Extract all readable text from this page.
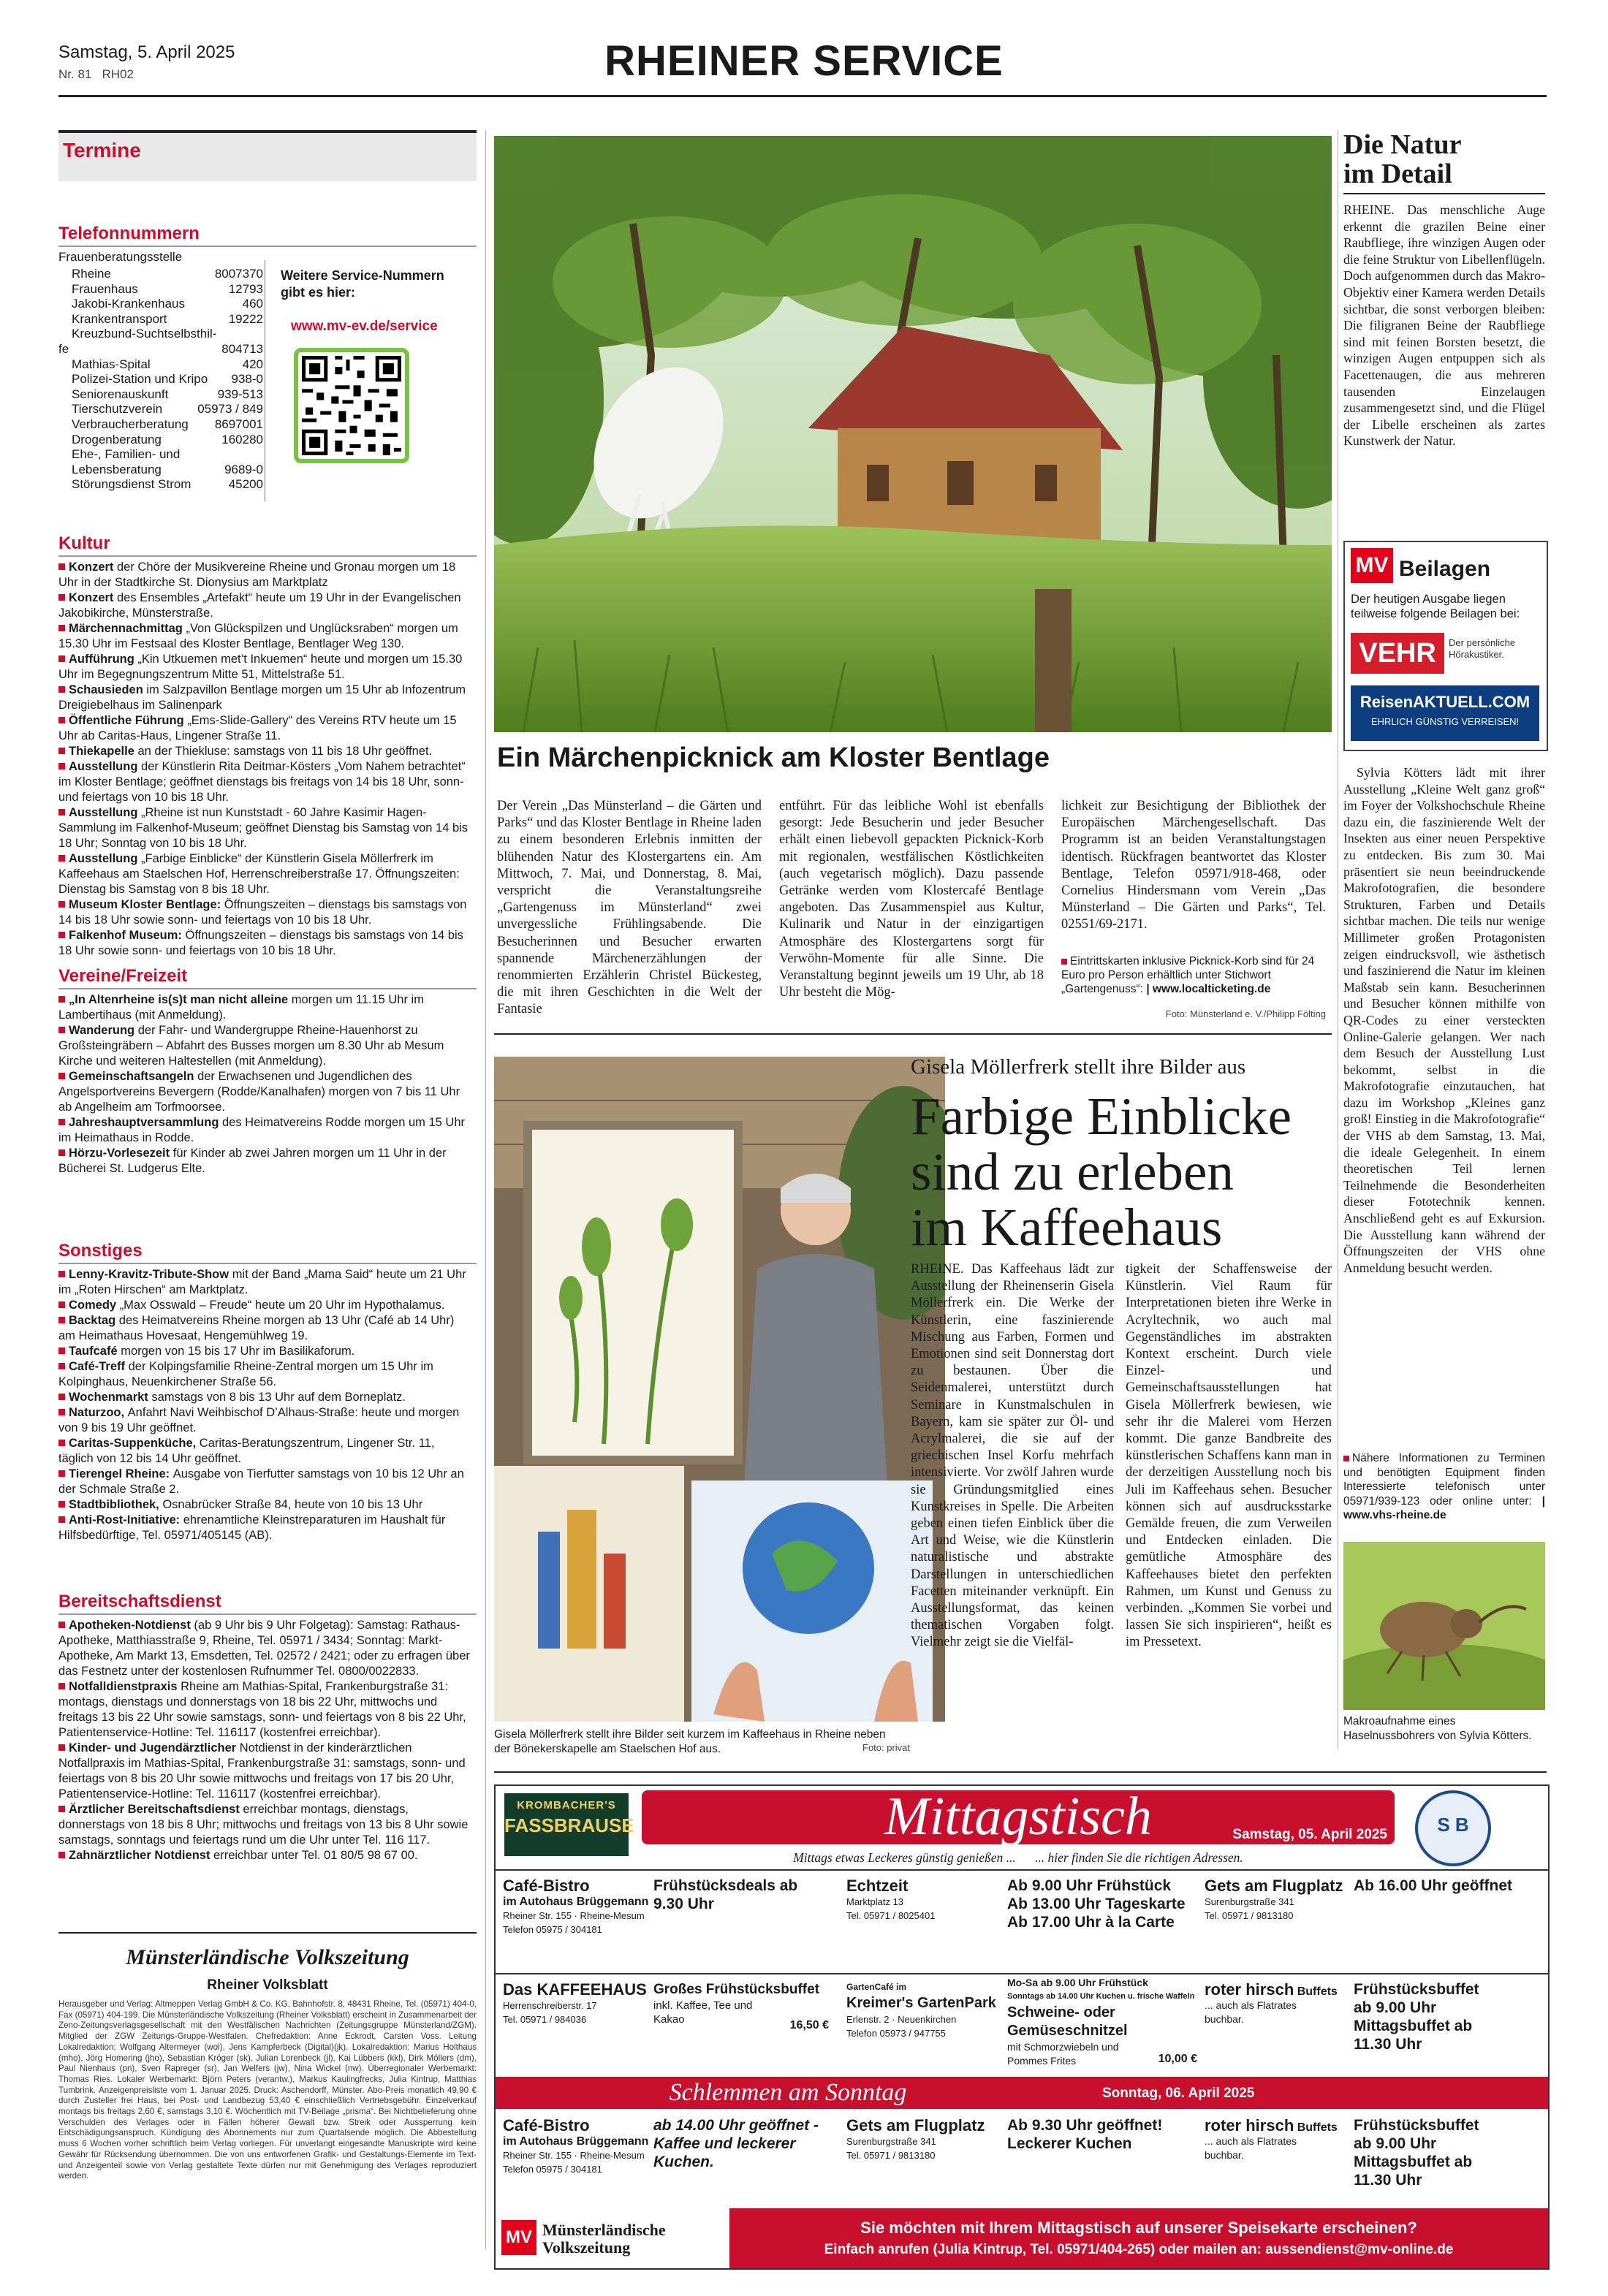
Samstag, 5. April 2025
Nr. 81 RH02	RHEINER SERVICE
Termine
Telefonnummern
Frauenberatungsstelle
Rheine	8007370
Frauenhaus	12793
Jakobi-Krankenhaus	460
Krankentransport	19222
Kreuzbund-Suchtselbsthil-
fe	804713
Mathias-Spital	420
Polizei-Station und Kripo 938-0
Seniorenauskunft	939-513
Tierschutzverein	05973 / 849
Verbraucherberatung 8697001
Drogenberatung	160280
Ehe-, Familien- und
Lebensberatung	9689-0
Störungsdienst Strom	45200
Weitere Service-Nummern gibt es hier:
www.mv-ev.de/service
Kultur
Konzert der Chöre der Musikvereine Rheine und Gronau morgen um 18 Uhr in der Stadtkirche St. Dionysius am Marktplatz
Konzert des Ensembles „Artefakt“ heute um 19 Uhr in der Evangelischen Jakobikirche, Münsterstraße.
Märchennachmittag „Von Glückspilzen und Unglücksraben“ morgen um 15.30 Uhr im Festsaal des Kloster Bentlage, Bentlager Weg 130.
Aufführung „Kin Utkuemen met’t Inkuemen“ heute und morgen um 15.30 Uhr im Begegnungszentrum Mitte 51, Mittelstraße 51.
Schausieden im Salzpavillon Bentlage morgen um 15 Uhr ab Infozentrum Dreigiebelhaus im Salinenpark
Öffentliche Führung „Ems-Slide-Gallery“ des Vereins RTV heute um 15 Uhr ab Caritas-Haus, Lingener Straße 11.
Thiekapelle an der Thiekluse: samstags von 11 bis 18 Uhr geöffnet.
Ausstellung der Künstlerin Rita Deitmar-Kösters „Vom Nahem betrachtet“ im Kloster Bentlage; geöffnet dienstags bis freitags von 14 bis 18 Uhr, sonn- und feiertags von 10 bis 18 Uhr.
Ausstellung „Rheine ist nun Kunststadt - 60 Jahre Kasimir Hagen-Sammlung im Falkenhof-Museum; geöffnet Dienstag bis Samstag von 14 bis 18 Uhr; Sonntag von 10 bis 18 Uhr.
Ausstellung „Farbige Einblicke“ der Künstlerin Gisela Möllerfrerk im Kaffeehaus am Staelschen Hof, Herrenschreiberstraße 17. Öffnungszeiten: Dienstag bis Samstag von 8 bis 18 Uhr.
Museum Kloster Bentlage: Öffnungszeiten – dienstags bis samstags von 14 bis 18 Uhr sowie sonn- und feiertags von 10 bis 18 Uhr.
Falkenhof Museum: Öffnungszeiten – dienstags bis samstags von 14 bis 18 Uhr sowie sonn- und feiertags von 10 bis 18 Uhr.
Vereine/Freizeit
„In Altenrheine is(s)t man nicht alleine morgen um 11.15 Uhr im Lambertihaus (mit Anmeldung).
Wanderung der Fahr- und Wandergruppe Rheine-Hauenhorst zu Großsteingräbern – Abfahrt des Busses morgen um 8.30 Uhr ab Mesum Kirche und weiteren Haltestellen (mit Anmeldung).
Gemeinschaftsangeln der Erwachsenen und Jugendlichen des Angelsportvereins Bevergern (Rodde/Kanalhafen) morgen von 7 bis 11 Uhr ab Angelheim am Torfmoorsee.
Jahreshauptversammlung des Heimatvereins Rodde morgen um 15 Uhr im Heimathaus in Rodde.
Hörzu-Vorlesezeit für Kinder ab zwei Jahren morgen um 11 Uhr in der Bücherei St. Ludgerus Elte.
Sonstiges
Lenny-Kravitz-Tribute-Show mit der Band „Mama Said“ heute um 21 Uhr im „Roten Hirschen“ am Marktplatz.
Comedy „Max Osswald – Freude“ heute um 20 Uhr im Hypothalamus.
Backtag des Heimatvereins Rheine morgen ab 13 Uhr (Café ab 14 Uhr) am Heimathaus Hovesaat, Hengemühlweg 19.
Taufcafé morgen von 15 bis 17 Uhr im Basilikaforum.
Café-Treff der Kolpingsfamilie Rheine-Zentral morgen um 15 Uhr im Kolpinghaus, Neuenkirchener Straße 56.
Wochenmarkt samstags von 8 bis 13 Uhr auf dem Borneplatz.
Naturzoo, Anfahrt Navi Weihbischof D’Alhaus-Straße: heute und morgen von 9 bis 19 Uhr geöffnet.
Caritas-Suppenküche, Caritas-Beratungszentrum, Lingener Str. 11, täglich von 12 bis 14 Uhr geöffnet.
Tierengel Rheine: Ausgabe von Tierfutter samstags von 10 bis 12 Uhr an der Schmale Straße 2.
Stadtbibliothek, Osnabrücker Straße 84, heute von 10 bis 13 Uhr
Anti-Rost-Initiative: ehrenamtliche Kleinstreparaturen im Haushalt für Hilfsbedürftige, Tel. 05971/405145 (AB).
Bereitschaftsdienst
Apotheken-Notdienst (ab 9 Uhr bis 9 Uhr Folgetag): Samstag: Rathaus-Apotheke, Matthiasstraße 9, Rheine, Tel. 05971 / 3434; Sonntag: Markt-Apotheke, Am Markt 13, Emsdetten, Tel. 02572 / 2421; oder zu erfragen über das Festnetz unter der kostenlosen Rufnummer Tel. 0800/0022833.
Notfalldienstpraxis Rheine am Mathias-Spital, Frankenburgstraße 31: montags, dienstags und donnerstags von 18 bis 22 Uhr, mittwochs und freitags 13 bis 22 Uhr sowie samstags, sonn- und feiertags von 8 bis 22 Uhr, Patientenservice-Hotline: Tel. 116117 (kostenfrei erreichbar).
Kinder- und Jugendärztlicher Notdienst in der kinderärztlichen Notfallpraxis im Mathias-Spital, Frankenburgstraße 31: samstags, sonn- und feiertags von 8 bis 20 Uhr sowie mittwochs und freitags von 17 bis 20 Uhr, Patientenservice-Hotline: Tel. 116117 (kostenfrei erreichbar).
Ärztlicher Bereitschaftsdienst erreichbar montags, dienstags, donnerstags von 18 bis 8 Uhr; mittwochs und freitags von 13 bis 8 Uhr sowie samstags, sonntags und feiertags rund um die Uhr unter Tel. 116 117.
Zahnärztlicher Notdienst erreichbar unter Tel. 01 80/5 98 67 00.
Münsterländische Volkszeitung
Rheiner Volksblatt
Herausgeber und Verlag: Altmeppen Verlag GmbH & Co. KG, Bahnhofstr. 8, 48431 Rheine, Tel. (05971) 404-0, Fax (05971) 404-199. Die Münsterländische Volkszeitung (Rheiner Volksblatt) erscheint in Zusammenarbeit der Zeno-Zeitungsverlagsgesellschaft mit den Westfälischen Nachrichten (Zeitungsgruppe Münsterland/ZGM). Mitglied der ZGW Zeitungs-Gruppe-Westfalen. Chefredaktion: Anne Eckrodt, Carsten Voss. Leitung Lokalredaktion: Wolfgang Altermeyer (wol), Jens Kampferbeck (Digital)(jk). Lokalredaktion: Marius Holthaus (mho), Jörg Homering (jho), Sebastian Kröger (sk), Julian Lorenbeck (jl), Kai Lübbers (kkl), Dirk Möllers (dm), Paul Nienhaus (pn), Sven Rapreger (sr), Jan Welfers (jw), Nina Wickel (nw). Überregionaler Werbemarkt: Thomas Ries. Lokaler Werbemarkt: Björn Peters (verantw.), Markus Kaulingfrecks, Julia Kintrup, Matthias Tumbrink. Anzeigenpreisliste vom 1. Januar 2025. Druck: Aschendorff, Münster. Abo-Preis monatlich 49,90 € durch Zusteller frei Haus, bei Post- und Landbezug 53,40 € einschließlich Vertriebsgebühr. Einzelverkauf montags bis freitags 2,60 €, samstags 3,10 €. Wöchentlich mit TV-Beilage „prisma“. Bei Nichtbelieferung ohne Verschulden des Verlages oder in Fällen höherer Gewalt bzw. Streik oder Aussperrung kein Entschädigungsanspruch. Kündigung des Abonnements nur zum Quartalsende möglich. Die Abbestellung muss 6 Wochen vorher schriftlich beim Verlag vorliegen. Für unverlangt eingesandte Manuskripte wird keine Gewähr für Rücksendung übernommen. Die von uns entworfenen Grafik- und Gestaltungs-Elemente im Text- und Anzeigenteil sowie von Verlag gestaltete Texte dürfen nur mit Genehmigung des Verlages reproduziert werden.
Ein Märchenpicknick am Kloster Bentlage
Der Verein „Das Münsterland – die Gärten und Parks“ und das Kloster Bentlage in Rheine laden zu einem besonderen Erlebnis inmitten der blühenden Natur des Klostergartens ein. Am Mittwoch, 7. Mai, und Donnerstag, 8. Mai, verspricht die Veranstaltungsreihe „Gartengenuss im Münsterland“ zwei unvergessliche Frühlingsabende. Die Besucherinnen und Besucher erwarten spannende Märchenerzählungen der renommierten Erzählerin Christel Bückesteg, die mit ihren Geschichten in die Welt der Fantasie
entführt. Für das leibliche Wohl ist ebenfalls gesorgt: Jede Besucherin und jeder Besucher erhält einen liebevoll gepackten Picknick-Korb mit regionalen, westfälischen Köstlichkeiten (auch vegetarisch möglich). Dazu passende Getränke werden vom Klostercafé Bentlage angeboten. Das Zusammenspiel aus Kultur, Kulinarik und Natur in der einzigartigen Atmosphäre des Klostergartens sorgt für Verwöhn-Momente für alle Sinne. Die Veranstaltung beginnt jeweils um 19 Uhr, ab 18 Uhr besteht die Mög-
lichkeit zur Besichtigung der Bibliothek der Europäischen Märchengesellschaft. Das Programm ist an beiden Veranstaltungstagen identisch. Rückfragen beantwortet das Kloster Bentlage, Telefon 05971/918-468, oder Cornelius Hindersmann vom Verein „Das Münsterland – Die Gärten und Parks“, Tel. 02551/69-2171.
Eintrittskarten inklusive Picknick-Korb sind für 24 Euro pro Person erhältlich unter Stichwort „Gartengenuss“: | www.localticketing.de
Foto: Münsterland e. V./Philipp Fölting
Gisela Möllerfrerk stellt ihre Bilder seit kurzem im Kaffeehaus in Rheine neben der Bönekerskapelle am Staelschen Hof aus.	Foto: privat
Gisela Möllerfrerk stellt ihre Bilder aus
Farbige Einblicke
sind zu erleben
im Kaffeehaus
RHEINE. Das Kaffeehaus lädt zur Ausstellung der Rheinenserin Gisela Möllerfrerk ein. Die Werke der Künstlerin, eine faszinierende Mischung aus Farben, Formen und Emotionen sind seit Donnerstag dort zu bestaunen. Über die Seidenmalerei, unterstützt durch Seminare in Kunstmalschulen in Bayern, kam sie später zur Öl- und Acrylmalerei, die sie auf der griechischen Insel Korfu mehrfach intensivierte. Vor zwölf Jahren wurde sie Gründungsmitglied eines Kunstkreises in Spelle. Die Arbeiten geben einen tiefen Einblick über die Art und Weise, wie die Künstlerin naturalistische und abstrakte Darstellungen in unterschiedlichen Facetten miteinander verknüpft. Ein Ausstellungsformat, das keinen thematischen Vorgaben folgt. Vielmehr zeigt sie die Vielfäl-
tigkeit der Schaffensweise der Künstlerin. Viel Raum für Interpretationen bieten ihre Werke in Acryltechnik, wo auch mal Gegenständliches im abstrakten Kontext erscheint. Durch viele Einzel- und Gemeinschaftsausstellungen hat Gisela Möllerfrerk bewiesen, wie sehr ihr die Malerei vom Herzen kommt. Die ganze Bandbreite des künstlerischen Schaffens kann man in der derzeitigen Ausstellung noch bis Juli im Kaffeehaus sehen. Besucher können sich auf ausdrucksstarke Gemälde freuen, die zum Verweilen und Entdecken einladen. Die gemütliche Atmosphäre des Kaffeehauses bietet den perfekten Rahmen, um Kunst und Genuss zu verbinden. „Kommen Sie vorbei und lassen Sie sich inspirieren“, heißt es im Pressetext.
Die Natur
im Detail
RHEINE. Das menschliche Auge erkennt die grazilen Beine einer Raubfliege, ihre winzigen Augen oder die feine Struktur von Libellenflügeln. Doch aufgenommen durch das Makro-Objektiv einer Kamera werden Details sichtbar, die sonst verborgen bleiben: Die filigranen Beine der Raubfliege sind mit feinen Borsten besetzt, die winzigen Augen entpuppen sich als Facettenaugen, die aus mehreren tausenden Einzelaugen zusammengesetzt sind, und die Flügel der Libelle erscheinen als zartes Kunstwerk der Natur.
MV Beilagen
Der heutigen Ausgabe liegen teilweise folgende Beilagen bei:
VEHR	Der persönliche Hörakustiker.
ReisenAKTUELL.COM
EHRLICH GÜNSTIG VERREISEN!
Sylvia Kötters lädt mit ihrer Ausstellung „Kleine Welt ganz groß“ im Foyer der Volkshochschule Rheine dazu ein, die faszinierende Welt der Insekten aus einer neuen Perspektive zu entdecken. Bis zum 30. Mai präsentiert sie neun beeindruckende Makrofotografien, die besondere Strukturen, Farben und Details sichtbar machen. Die teils nur wenige Millimeter großen Protagonisten zeigen eindrucksvoll, wie ästhetisch und faszinierend die Natur im kleinen Maßstab sein kann. Besucherinnen und Besucher können mithilfe von QR-Codes zu einer versteckten Online-Galerie gelangen. Wer nach dem Besuch der Ausstellung Lust bekommt, selbst in die Makrofotografie einzutauchen, hat dazu im Workshop „Kleines ganz groß! Einstieg in die Makrofotografie“ der VHS ab dem Samstag, 13. Mai, die ideale Gelegenheit. In einem theoretischen Teil lernen Teilnehmende die Besonderheiten dieser Fototechnik kennen. Anschließend geht es auf Exkursion. Die Ausstellung kann während der Öffnungszeiten der VHS ohne Anmeldung besucht werden.
Nähere Informationen zu Terminen und benötigten Equipment finden Interessierte telefonisch unter 05971/939-123 oder online unter: | www.vhs-rheine.de
Makroaufnahme eines Haselnussbohrers von Sylvia Kötters.
KROMBACHER'S
FASSBRAUSE	Mittagstisch	Samstag, 05. April 2025	S B
Mittags etwas Leckeres günstig genießen ... ... hier finden Sie die richtigen Adressen.
Café-Bistro
im Autohaus Brüggemann
Rheiner Str. 155 · Rheine-Mesum
Telefon 05975 / 304181
Frühstücksdeals ab 9.30 Uhr
Echtzeit
Marktplatz 13
Tel. 05971 / 8025401
Ab 9.00 Uhr Frühstück Ab 13.00 Uhr Tageskarte Ab 17.00 Uhr à la Carte
Gets am Flugplatz
Surenburgstraße 341
Tel. 05971 / 9813180
Ab 16.00 Uhr geöffnet
Das KAFFEEHAUS
Herrenschreiberstr. 17
Tel. 05971 / 984036
Großes Frühstücksbuffet
inkl. Kaffee, Tee und Kakao	16,50 €
GartenCafé im
Kreimer's GartenPark
Erlenstr. 2 · Neuenkirchen
Telefon 05973 / 947755
Mo-Sa ab 9.00 Uhr Frühstück
Sonntags ab 14.00 Uhr Kuchen u. frische Waffeln
Schweine- oder Gemüseschnitzel
mit Schmorzwiebeln und Pommes Frites	10,00 €
roter hirsch Buffets
... auch als Flatrates buchbar.
Frühstücksbuffet ab 9.00 Uhr Mittagsbuffet ab 11.30 Uhr
Schlemmen am Sonntag	Sonntag, 06. April 2025
Café-Bistro
im Autohaus Brüggemann
Rheiner Str. 155 · Rheine-Mesum
Telefon 05975 / 304181
ab 14.00 Uhr geöffnet - Kaffee und leckerer Kuchen.
Gets am Flugplatz
Surenburgstraße 341
Tel. 05971 / 9813180
Ab 9.30 Uhr geöffnet! Leckerer Kuchen
roter hirsch Buffets
... auch als Flatrates buchbar.
Frühstücksbuffet ab 9.00 Uhr Mittagsbuffet ab 11.30 Uhr
MV Münsterländische Volkszeitung
Sie möchten mit Ihrem Mittagstisch auf unserer Speisekarte erscheinen?
Einfach anrufen (Julia Kintrup, Tel. 05971/404-265) oder mailen an: aussendienst@mv-online.de
